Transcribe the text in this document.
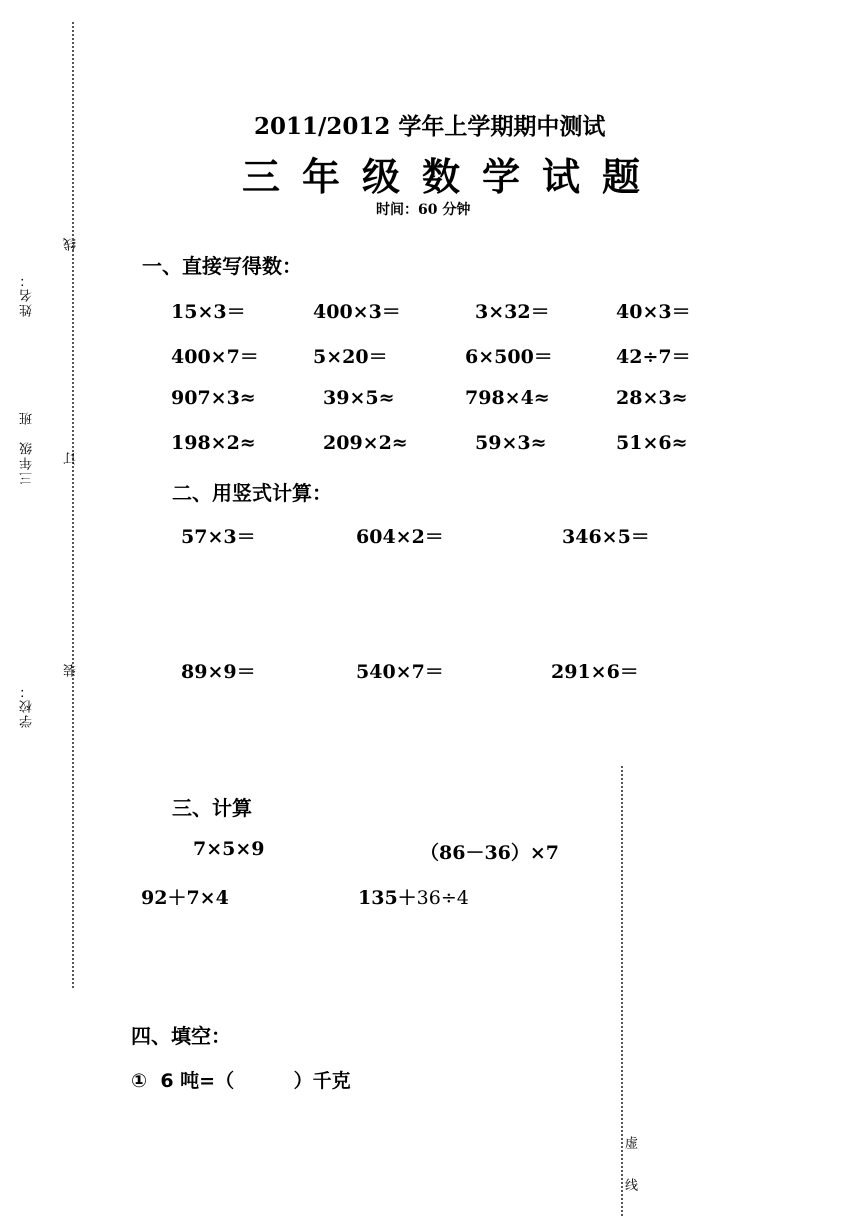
姓名：
三年级　班
学校：
线
订
装
虚
线
2011/2012 学年上学期期中测试
三年级数学试题
时间：60 分钟
一、直接写得数：
15×3＝	400×3＝	3×32＝	40×3＝
400×7＝	5×20＝	6×500＝	42÷7＝
907×3≈	39×5≈	798×4≈	28×3≈
198×2≈	209×2≈	59×3≈	51×6≈
二、用竖式计算：
57×3＝	604×2＝	346×5＝
89×9＝	540×7＝	291×6＝
三、计算
7×5×9	（86－36）×7
92＋7×4	135＋36÷4
四、填空：
①  6 吨=（         ）千克
